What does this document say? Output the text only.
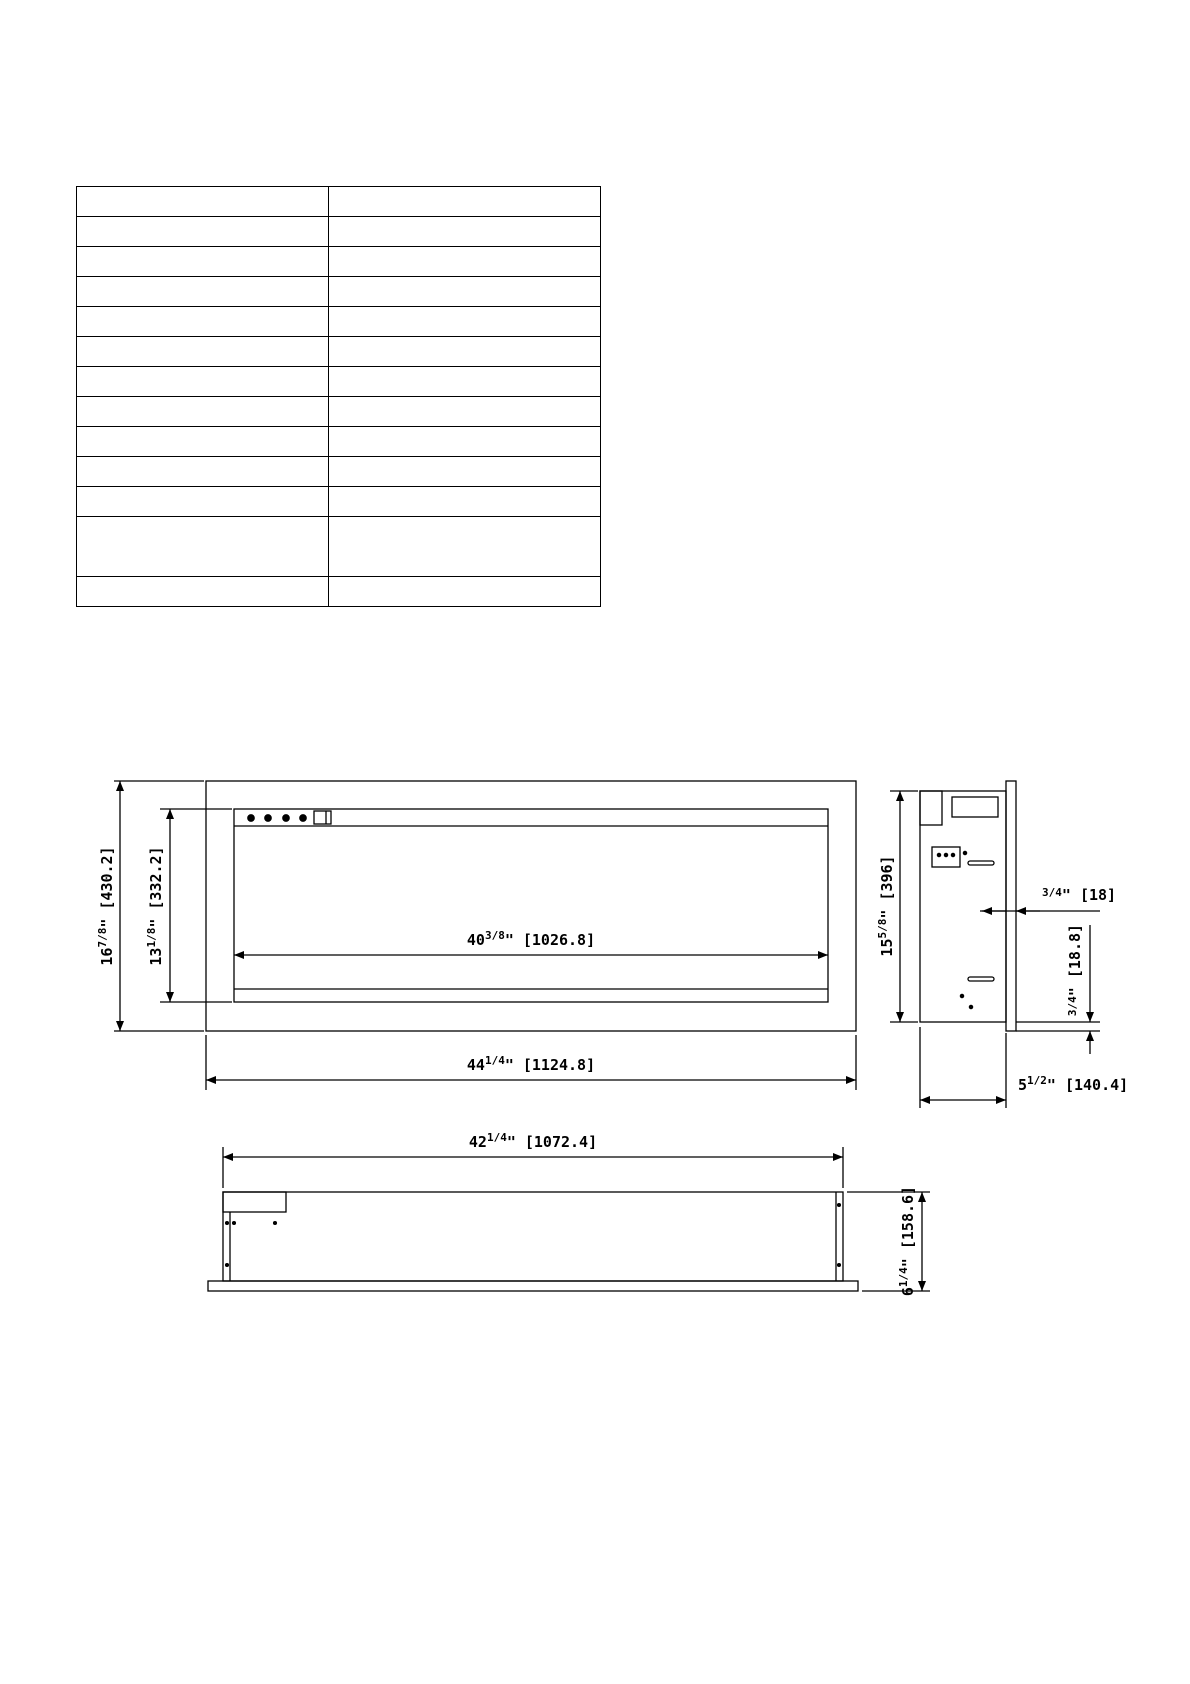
$16^7/8$" [430.2]
$13^1/8$" [332.2]
$40^3/8$" [1026.8]
$44^1/4$" [1124.8]
$15^5/8$" [396]	$^3$/4" [18]
$^3$/4" [18.8]
$5^1/2$" [140.4]
$42^1/4$" [1072.4]
$6^1/4$" [158.6]
